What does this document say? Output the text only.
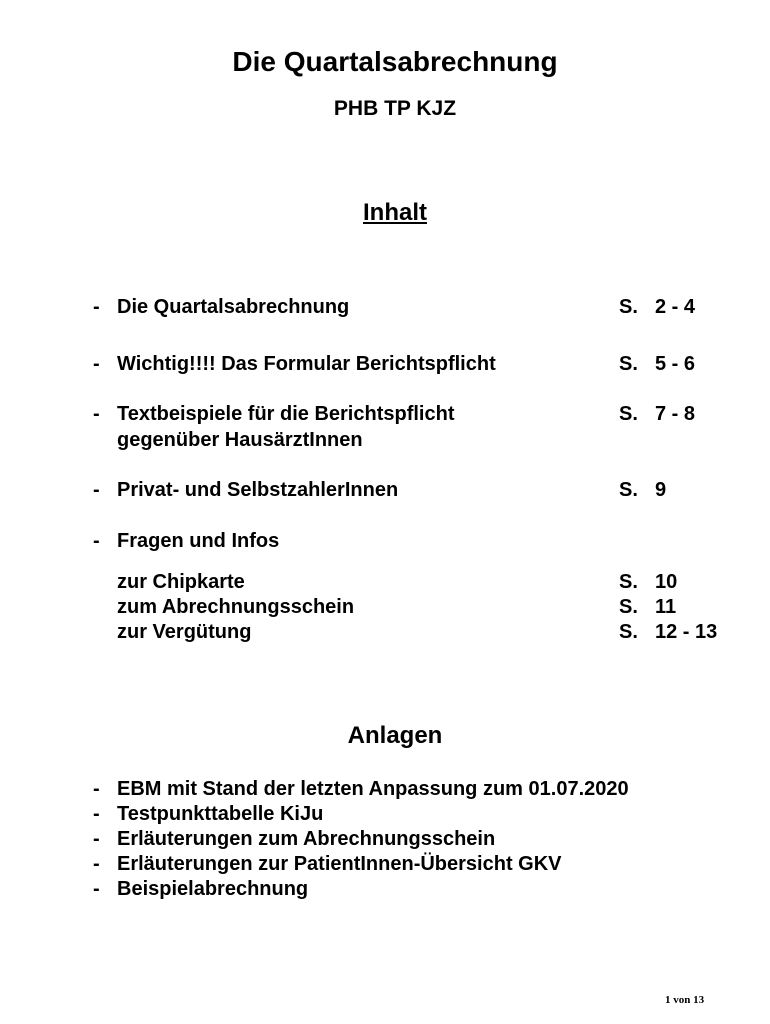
Die Quartalsabrechnung
PHB TP KJZ
Inhalt
- Die Quartalsabrechnung	S. 2 - 4
- Wichtig!!!! Das Formular Berichtspflicht	S. 5 - 6
- Textbeispiele für die Berichtspflicht	S. 7 - 8
gegenüber HausärztInnen
- Privat- und SelbstzahlerInnen	S. 9
- Fragen und Infos
zur Chipkarte	S. 10
zum Abrechnungsschein	S. 11
zur Vergütung	S. 12 - 13
Anlagen
- EBM mit Stand der letzten Anpassung zum 01.07.2020
- Testpunkttabelle KiJu
- Erläuterungen zum Abrechnungsschein
- Erläuterungen zur PatientInnen-Übersicht GKV
- Beispielabrechnung
1 von 13
